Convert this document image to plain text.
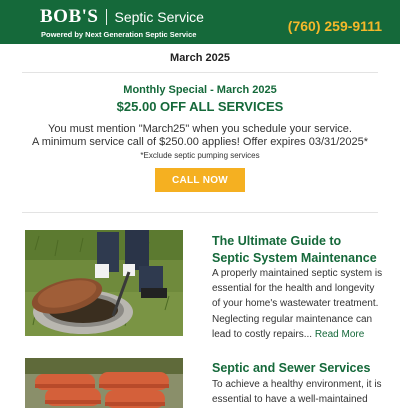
BOB'S Septic Service
Powered by Next Generation Septic Service
(760) 259-9111
March 2025
Monthly Special - March 2025
$25.00 OFF ALL SERVICES
You must mention "March25" when you schedule your service.
A minimum service call of $250.00 applies! Offer expires 03/31/2025*
*Exclude septic pumping services
CALL NOW
The Ultimate Guide to Septic System Maintenance
A properly maintained septic system is essential for the health and longevity of your home's wastewater treatment. Neglecting regular maintenance can lead to costly repairs... Read More
Septic and Sewer Services
To achieve a healthy environment, it is essential to have a well-maintained
